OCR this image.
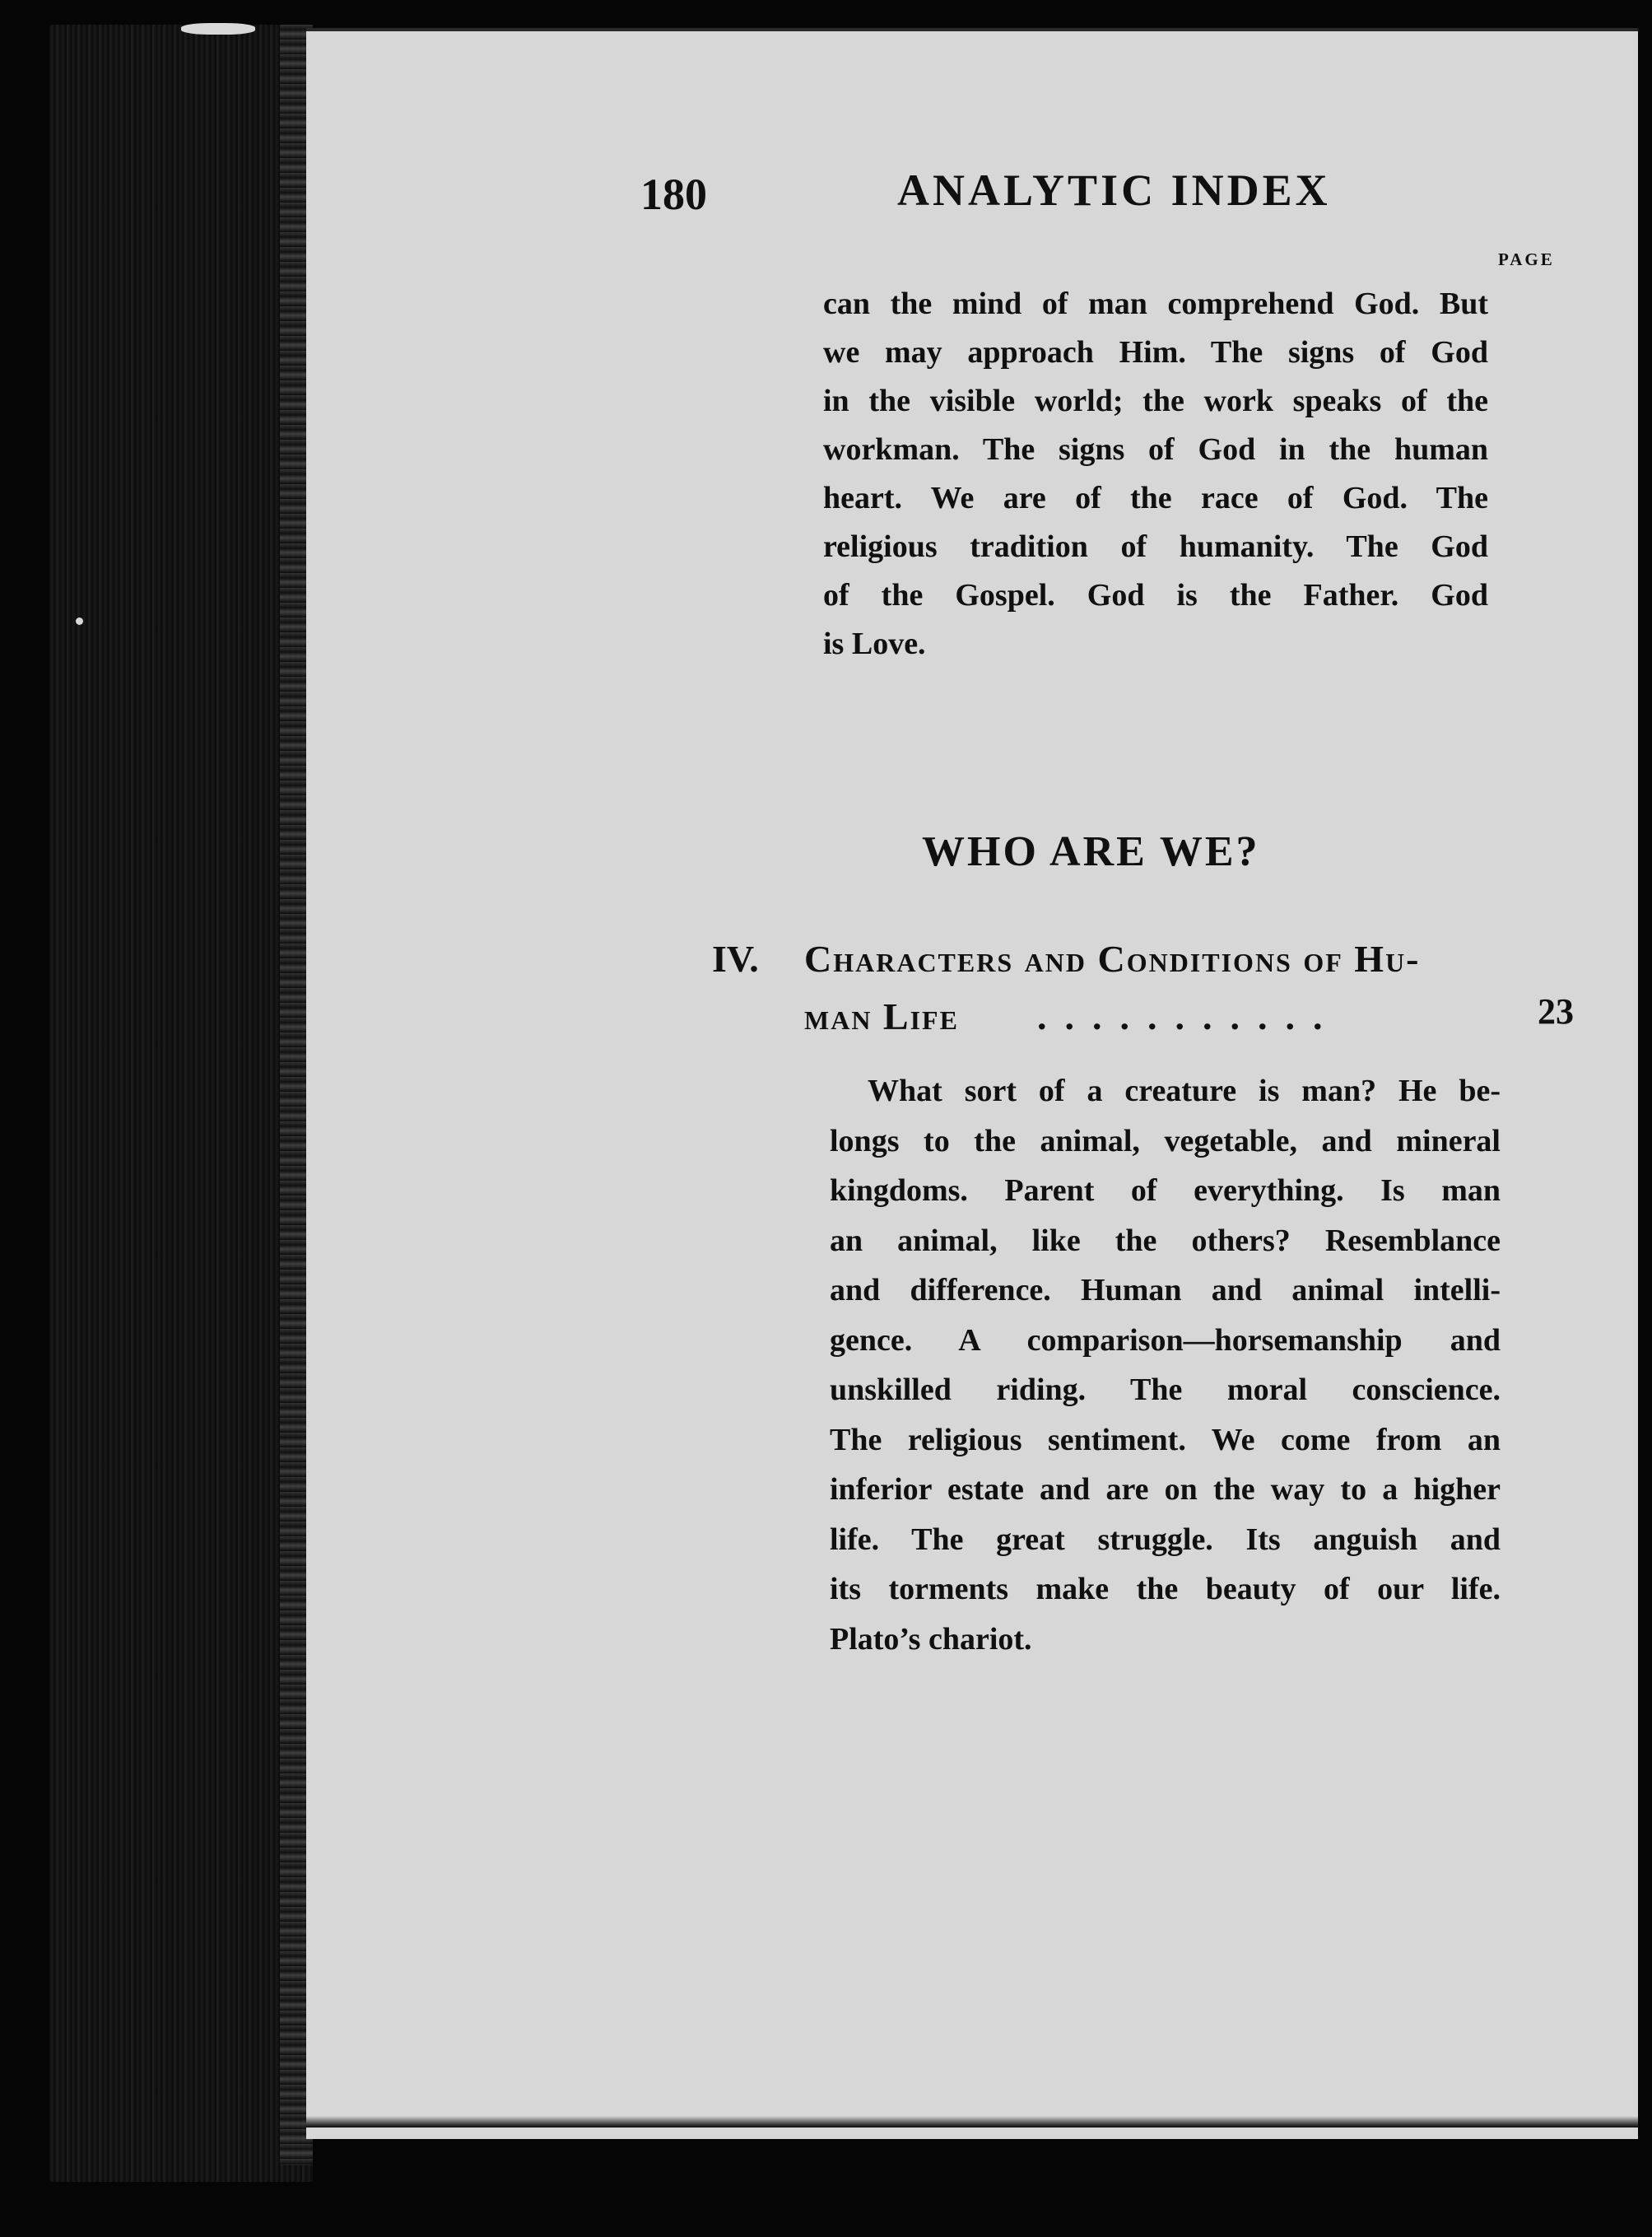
180	ANALYTIC INDEX
PAGE
can the mind of man comprehend God. But
we may approach Him. The signs of God
in the visible world; the work speaks of the
workman. The signs of God in the human
heart. We are of the race of God. The
religious tradition of humanity. The God
of the Gospel. God is the Father. God
is Love.
WHO ARE WE?
IV. Characters and Conditions of Hu-
man Life ...........	23
What sort of a creature is man? He be-
longs to the animal, vegetable, and mineral
kingdoms. Parent of everything. Is man
an animal, like the others? Resemblance
and difference. Human and animal intelli-
gence. A comparison—horsemanship and
unskilled riding. The moral conscience.
The religious sentiment. We come from an
inferior estate and are on the way to a higher
life. The great struggle. Its anguish and
its torments make the beauty of our life.
Plato’s chariot.
